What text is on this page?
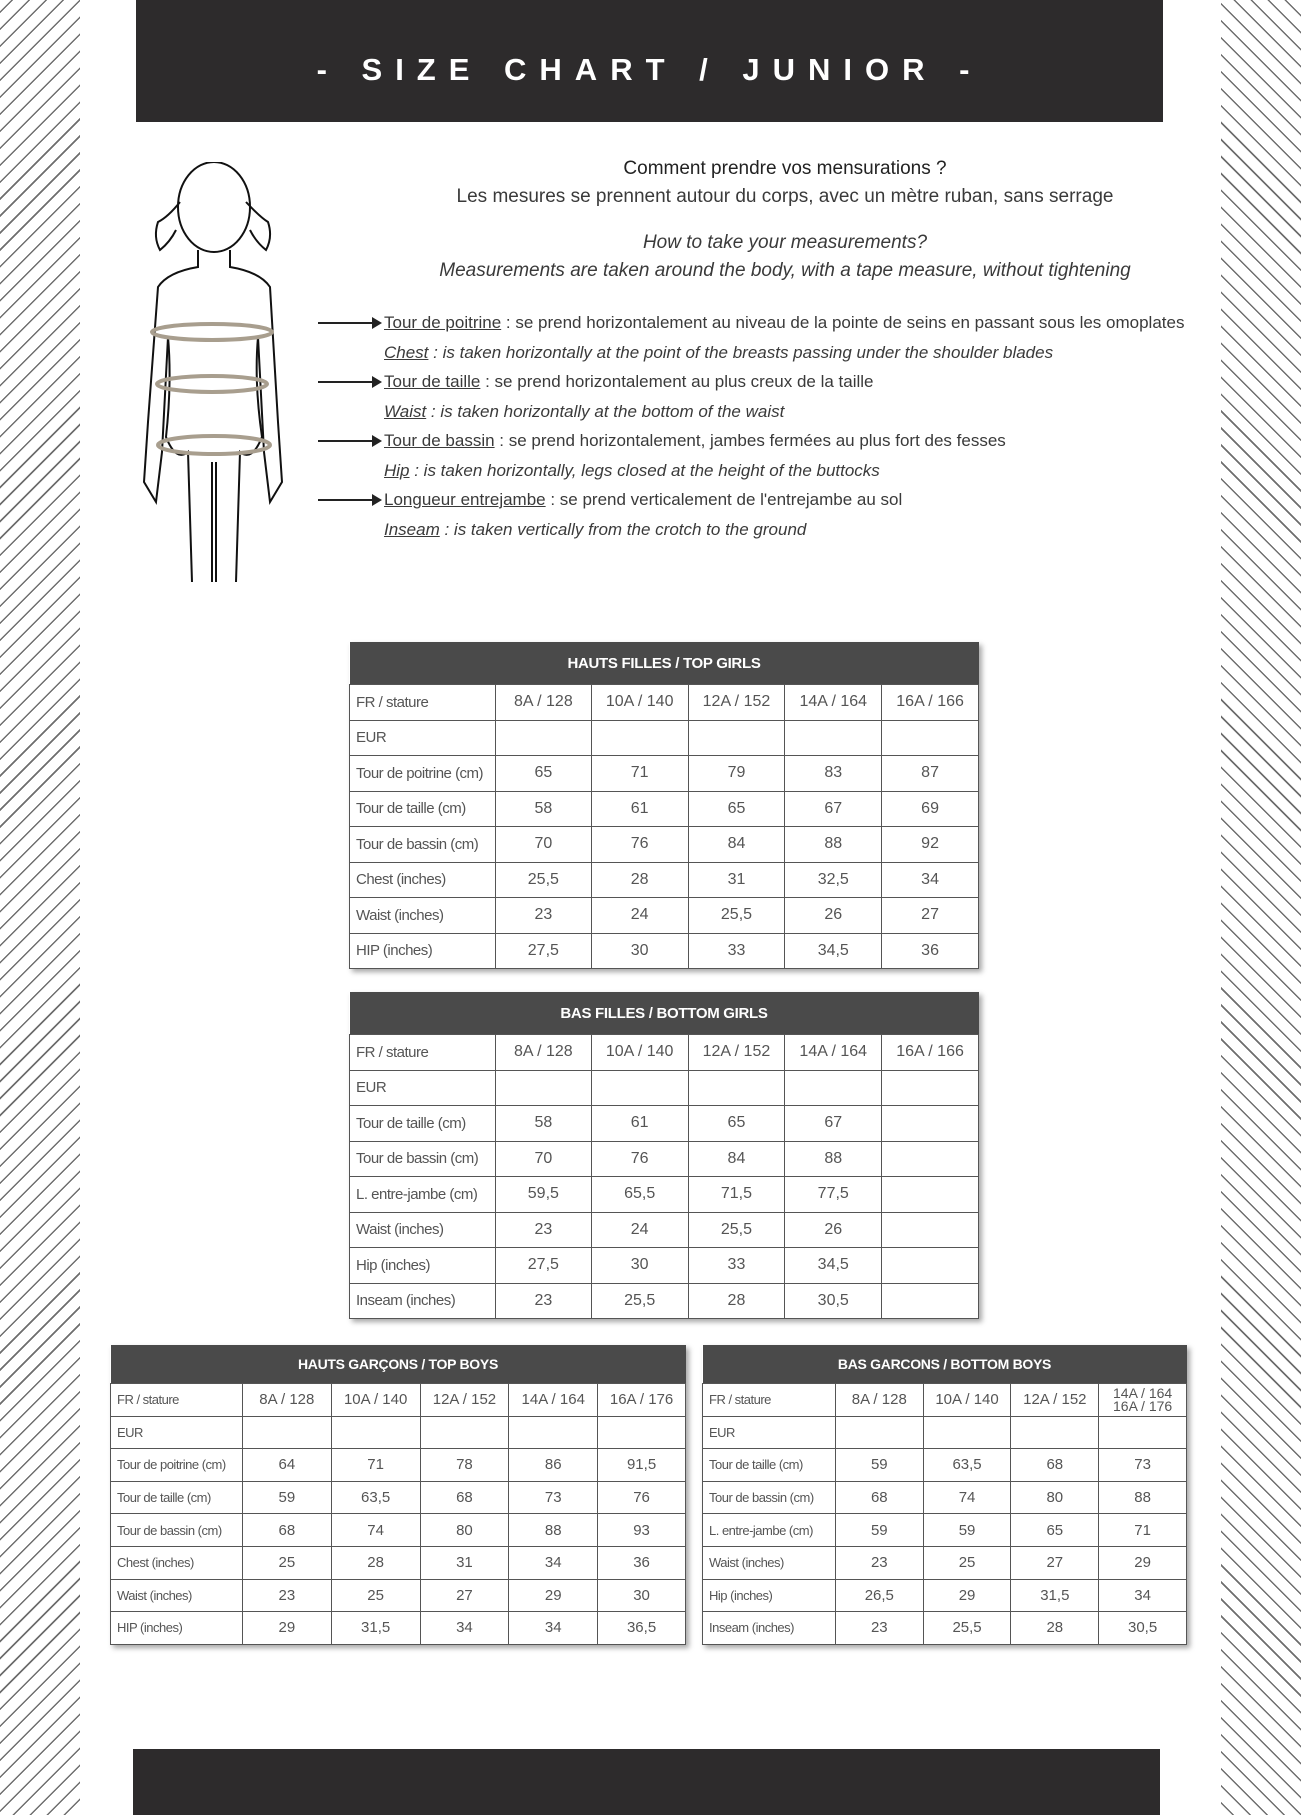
- SIZE CHART / JUNIOR -
Comment prendre vos mensurations ?
Les mesures se prennent autour du corps, avec un mètre ruban, sans serrage
How to take your measurements?
Measurements are taken around the body, with a tape measure, without tightening
Tour de poitrine : se prend horizontalement au niveau de la pointe de seins en passant sous les omoplates
Chest : is taken horizontally at the point of the breasts passing under the shoulder blades
Tour de taille : se prend horizontalement au plus creux de la taille
Waist : is taken horizontally at the bottom of the waist
Tour de bassin : se prend horizontalement, jambes fermées au plus fort des fesses
Hip : is taken horizontally, legs closed at the height of the buttocks
Longueur entrejambe : se prend verticalement de l'entrejambe au sol
Inseam : is taken vertically from the crotch to the ground
HAUTS FILLES / TOP GIRLS					
FR / stature	8A / 128	10A / 140	12A / 152	14A / 164	16A / 166
EUR					
Tour de poitrine (cm)	65	71	79	83	87
Tour de taille (cm)	58	61	65	67	69
Tour de bassin (cm)	70	76	84	88	92
Chest (inches)	25,5	28	31	32,5	34
Waist (inches)	23	24	25,5	26	27
HIP (inches)	27,5	30	33	34,5	36
BAS FILLES / BOTTOM GIRLS					
FR / stature	8A / 128	10A / 140	12A / 152	14A / 164	16A / 166
EUR					
Tour de taille (cm)	58	61	65	67	
Tour de bassin (cm)	70	76	84	88	
L. entre-jambe (cm)	59,5	65,5	71,5	77,5	
Waist (inches)	23	24	25,5	26	
Hip (inches)	27,5	30	33	34,5	
Inseam (inches)	23	25,5	28	30,5	
HAUTS GARÇONS / TOP BOYS					
FR / stature	8A / 128	10A / 140	12A / 152	14A / 164	16A / 176
EUR					
Tour de poitrine (cm)	64	71	78	86	91,5
Tour de taille (cm)	59	63,5	68	73	76
Tour de bassin (cm)	68	74	80	88	93
Chest (inches)	25	28	31	34	36
Waist (inches)	23	25	27	29	30
HIP (inches)	29	31,5	34	34	36,5
BAS GARCONS / BOTTOM BOYS				
FR / stature	8A / 128	10A / 140	12A / 152	14A / 164
16A / 176
EUR				
Tour de taille (cm)	59	63,5	68	73
Tour de bassin (cm)	68	74	80	88
L. entre-jambe (cm)	59	59	65	71
Waist (inches)	23	25	27	29
Hip (inches)	26,5	29	31,5	34
Inseam (inches)	23	25,5	28	30,5
